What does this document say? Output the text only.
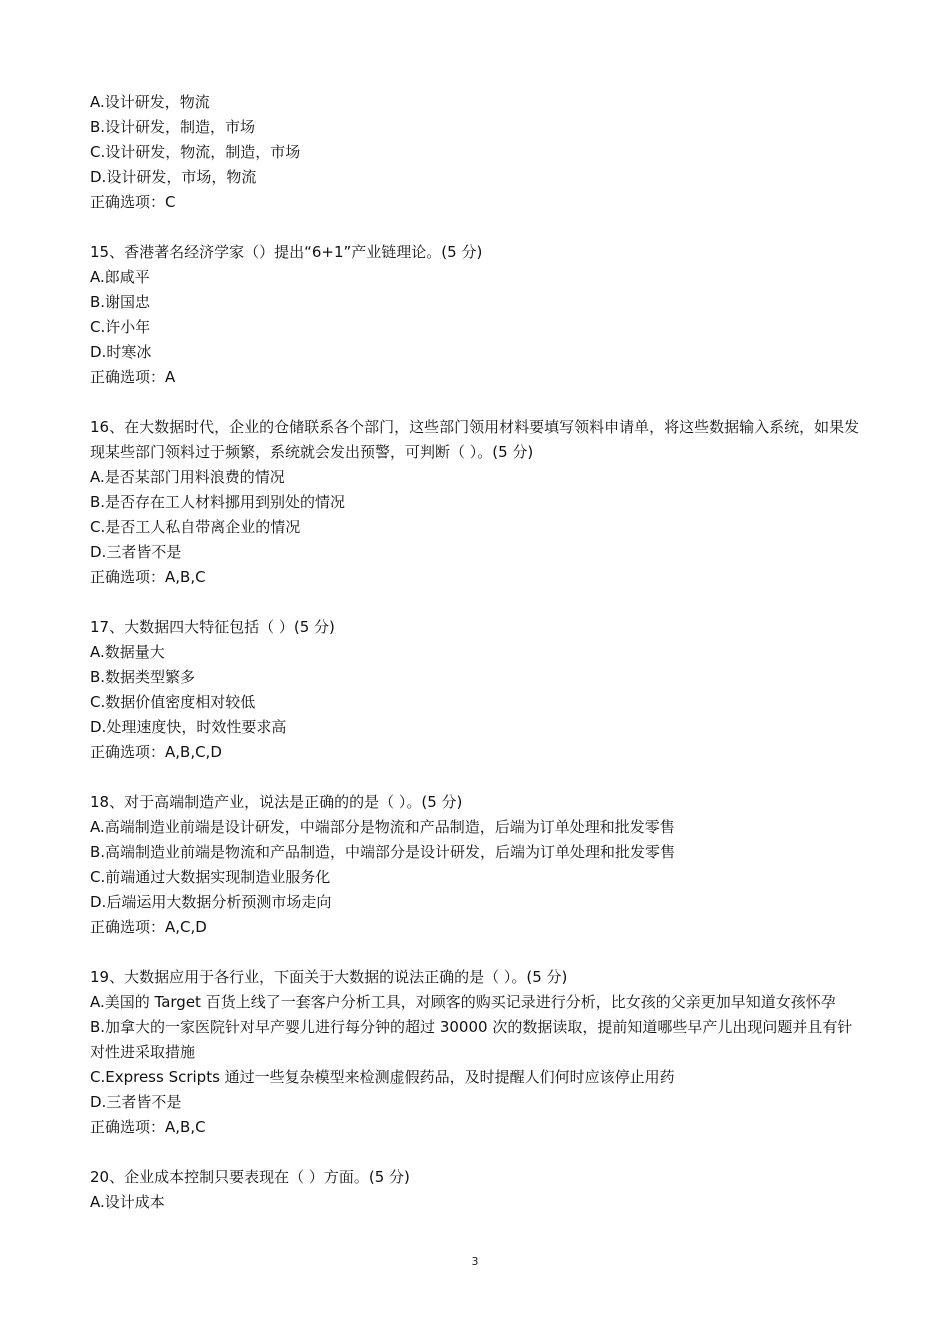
A.设计研发，物流
B.设计研发，制造，市场
C.设计研发，物流，制造，市场
D.设计研发，市场，物流
正确选项：C
15、香港著名经济学家（）提出“6+1”产业链理论。(5 分)
A.郎咸平
B.谢国忠
C.许小年
D.时寒冰
正确选项：A
16、在大数据时代，企业的仓储联系各个部门，这些部门领用材料要填写领料申请单，将这些数据输入系统，如果发现某些部门领料过于频繁，系统就会发出预警，可判断（ ）。(5 分)
A.是否某部门用料浪费的情况
B.是否存在工人材料挪用到别处的情况
C.是否工人私自带离企业的情况
D.三者皆不是
正确选项：A,B,C
17、大数据四大特征包括（ ）(5 分)
A.数据量大
B.数据类型繁多
C.数据价值密度相对较低
D.处理速度快，时效性要求高
正确选项：A,B,C,D
18、对于高端制造产业，说法是正确的的是（ ）。(5 分)
A.高端制造业前端是设计研发，中端部分是物流和产品制造，后端为订单处理和批发零售
B.高端制造业前端是物流和产品制造，中端部分是设计研发，后端为订单处理和批发零售
C.前端通过大数据实现制造业服务化
D.后端运用大数据分析预测市场走向
正确选项：A,C,D
19、大数据应用于各行业，下面关于大数据的说法正确的是（ ）。(5 分)
A.美国的 Target 百货上线了一套客户分析工具，对顾客的购买记录进行分析，比女孩的父亲更加早知道女孩怀孕
B.加拿大的一家医院针对早产婴儿进行每分钟的超过 30000 次的数据读取，提前知道哪些早产儿出现问题并且有针对性进采取措施
C.Express Scripts 通过一些复杂模型来检测虚假药品，及时提醒人们何时应该停止用药
D.三者皆不是
正确选项：A,B,C
20、企业成本控制只要表现在（ ）方面。(5 分)
A.设计成本
3
